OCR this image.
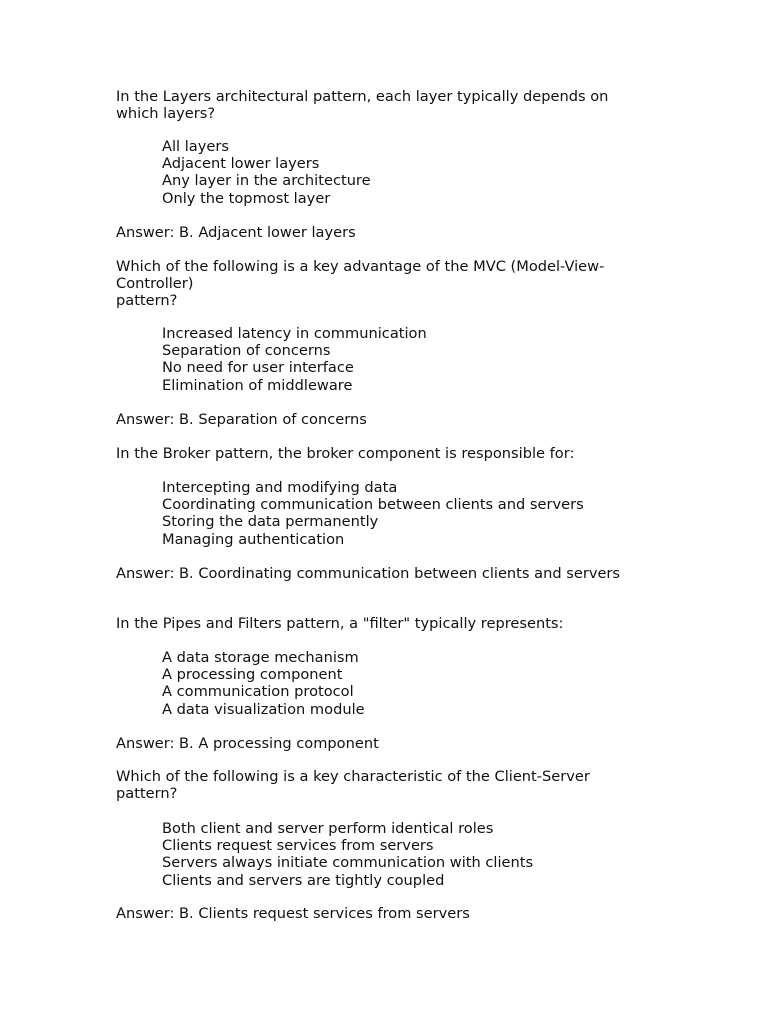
In the Layers architectural pattern, each layer typically depends on
which layers?
All layers
Adjacent lower layers
Any layer in the architecture
Only the topmost layer
Answer: B. Adjacent lower layers
Which of the following is a key advantage of the MVC (Model-View-
Controller)
pattern?
Increased latency in communication
Separation of concerns
No need for user interface
Elimination of middleware
Answer: B. Separation of concerns
In the Broker pattern, the broker component is responsible for:
Intercepting and modifying data
Coordinating communication between clients and servers
Storing the data permanently
Managing authentication
Answer: B. Coordinating communication between clients and servers
In the Pipes and Filters pattern, a "filter" typically represents:
A data storage mechanism
A processing component
A communication protocol
A data visualization module
Answer: B. A processing component
Which of the following is a key characteristic of the Client-Server
pattern?
Both client and server perform identical roles
Clients request services from servers
Servers always initiate communication with clients
Clients and servers are tightly coupled
Answer: B. Clients request services from servers
